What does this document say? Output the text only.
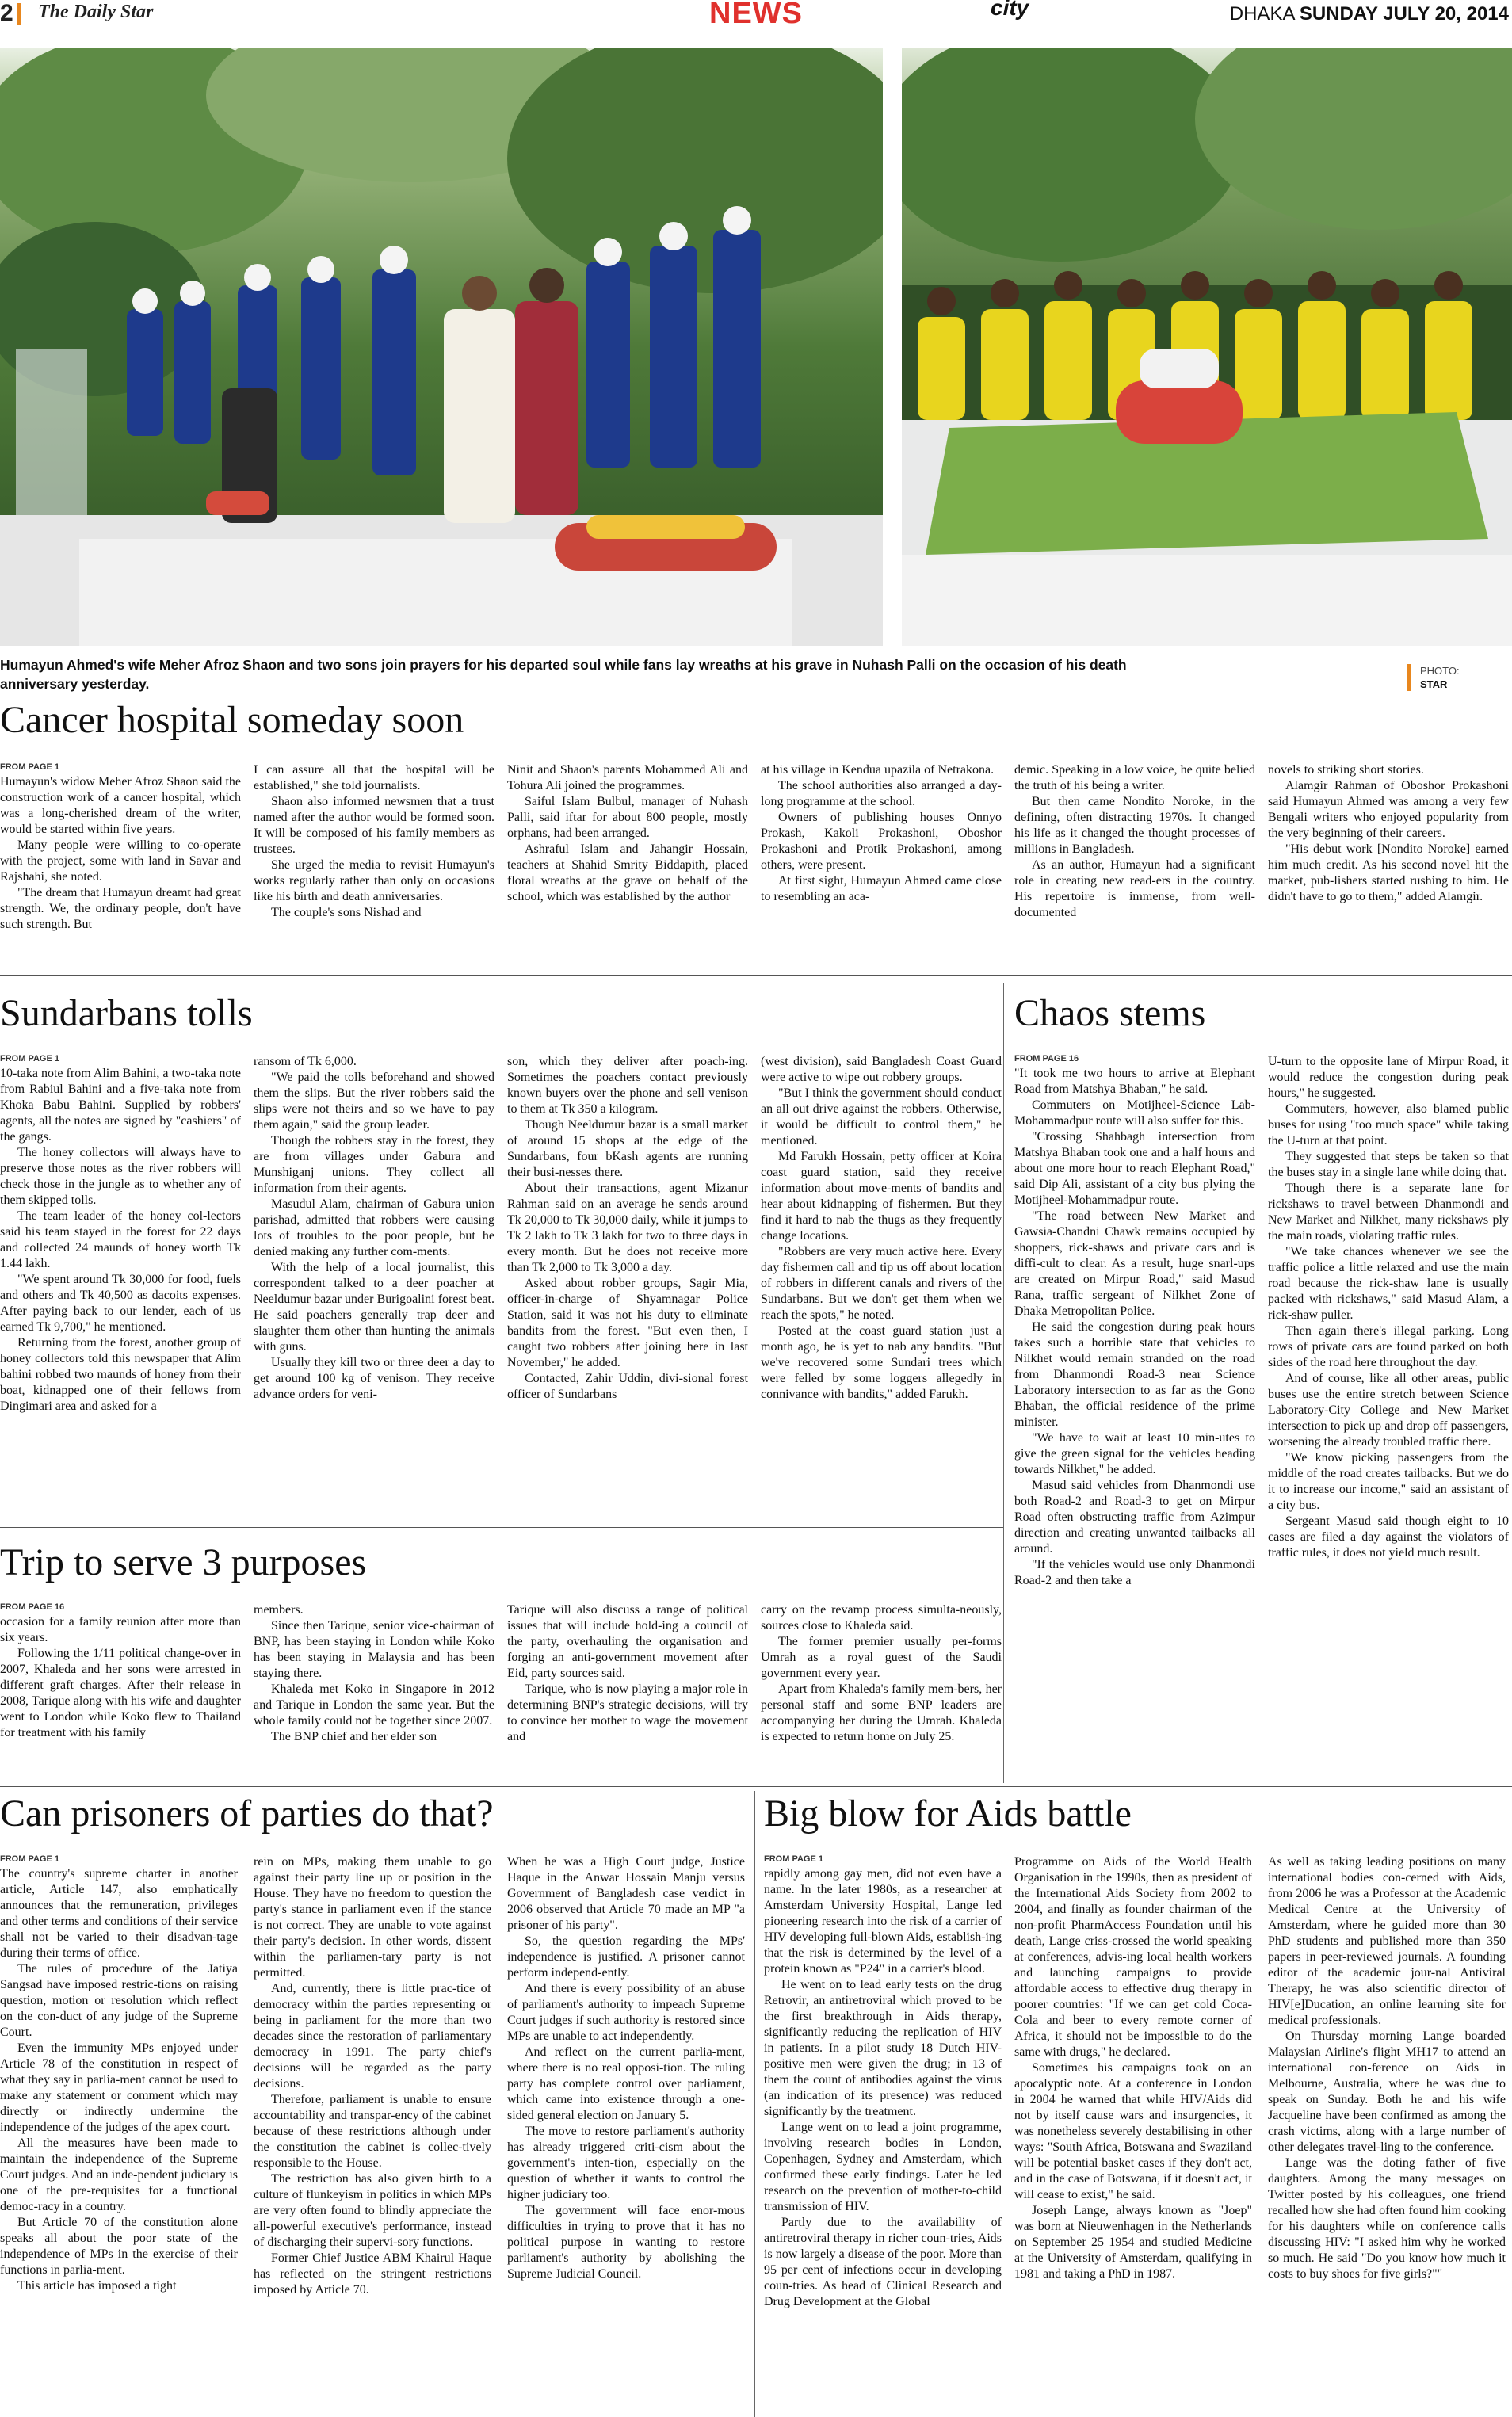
2 The Daily Star	NEWS	city	DHAKA SUNDAY JULY 20, 2014
Humayun Ahmed's wife Meher Afroz Shaon and two sons join prayers for his departed soul while fans lay wreaths at his grave in Nuhash Palli on the occasion of his death anniversary yesterday.
PHOTO:
STAR
Cancer hospital someday soon
FROM PAGE 1

Humayun's widow Meher Afroz Shaon said the construction work of a cancer hospital, which was a long-cherished dream of the writer, would be started within five years.

Many people were willing to co-operate with the project, some with land in Savar and Rajshahi, she noted.

"The dream that Humayun dreamt had great strength. We, the ordinary people, don't have such strength. But

I can assure all that the hospital will be established," she told journalists.

Shaon also informed newsmen that a trust named after the author would be formed soon. It will be composed of his family members as trustees.

She urged the media to revisit Humayun's works regularly rather than only on occasions like his birth and death anniversaries.

The couple's sons Nishad and

Ninit and Shaon's parents Mohammed Ali and Tohura Ali joined the programmes.

Saiful Islam Bulbul, manager of Nuhash Palli, said iftar for about 800 people, mostly orphans, had been arranged.

Ashraful Islam and Jahangir Hossain, teachers at Shahid Smrity Biddapith, placed floral wreaths at the grave on behalf of the school, which was established by the author

at his village in Kendua upazila of Netrakona.

The school authorities also arranged a day-long programme at the school.

Owners of publishing houses Onnyo Prokash, Kakoli Prokashoni, Oboshor Prokashoni and Protik Prokashoni, among others, were present.

At first sight, Humayun Ahmed came close to resembling an aca-

demic. Speaking in a low voice, he quite belied the truth of his being a writer.

But then came Nondito Noroke, in the defining, often distracting 1970s. It changed his life as it changed the thought processes of millions in Bangladesh.

As an author, Humayun had a significant role in creating new read-ers in the country. His repertoire is immense, from well-documented

novels to striking short stories.

Alamgir Rahman of Oboshor Prokashoni said Humayun Ahmed was among a very few Bengali writers who enjoyed popularity from the very beginning of their careers.

"His debut work [Nondito Noroke] earned him much credit. As his second novel hit the market, pub-lishers started rushing to him. He didn't have to go to them," added Alamgir.

Sundarbans tolls
FROM PAGE 1

10-taka note from Alim Bahini, a two-taka note from Rabiul Bahini and a five-taka note from Khoka Babu Bahini. Supplied by robbers' agents, all the notes are signed by "cashiers" of the gangs.

The honey collectors will always have to preserve those notes as the river robbers will check those in the jungle as to whether any of them skipped tolls.

The team leader of the honey col-lectors said his team stayed in the forest for 22 days and collected 24 maunds of honey worth Tk 1.44 lakh.

"We spent around Tk 30,000 for food, fuels and others and Tk 40,500 as dacoits expenses. After paying back to our lender, each of us earned Tk 9,700," he mentioned.

Returning from the forest, another group of honey collectors told this newspaper that Alim bahini robbed two maunds of honey from their boat, kidnapped one of their fellows from Dingimari area and asked for a

ransom of Tk 6,000.

"We paid the tolls beforehand and showed them the slips. But the river robbers said the slips were not theirs and so we have to pay them again," said the group leader.

Though the robbers stay in the forest, they are from villages under Gabura and Munshiganj unions. They collect all information from their agents.

Masudul Alam, chairman of Gabura union parishad, admitted that robbers were causing lots of troubles to the poor people, but he denied making any further com-ments.

With the help of a local journalist, this correspondent talked to a deer poacher at Neeldumur bazar under Burigoalini forest beat. He said poachers generally trap deer and slaughter them other than hunting the animals with guns.

Usually they kill two or three deer a day to get around 100 kg of venison. They receive advance orders for veni-

son, which they deliver after poach-ing. Sometimes the poachers contact previously known buyers over the phone and sell venison to them at Tk 350 a kilogram.

Though Neeldumur bazar is a small market of around 15 shops at the edge of the Sundarbans, four bKash agents are running their busi-nesses there.

About their transactions, agent Mizanur Rahman said on an average he sends around Tk 20,000 to Tk 30,000 daily, while it jumps to Tk 2 lakh to Tk 3 lakh for two to three days in every month. But he does not receive more than Tk 2,000 to Tk 3,000 a day.

Asked about robber groups, Sagir Mia, officer-in-charge of Shyamnagar Police Station, said it was not his duty to eliminate bandits from the forest. "But even then, I caught two robbers after joining here in last November," he added.

Contacted, Zahir Uddin, divi-sional forest officer of Sundarbans

(west division), said Bangladesh Coast Guard were active to wipe out robbery groups.

"But I think the government should conduct an all out drive against the robbers. Otherwise, it would be difficult to control them," he mentioned.

Md Farukh Hossain, petty officer at Koira coast guard station, said they receive information about move-ments of bandits and hear about kidnapping of fishermen. But they find it hard to nab the thugs as they frequently change locations.

"Robbers are very much active here. Every day fishermen call and tip us off about location of robbers in different canals and rivers of the Sundarbans. But we don't get them when we reach the spots," he noted.

Posted at the coast guard station just a month ago, he is yet to nab any bandits. "But we've recovered some Sundari trees which were felled by some loggers allegedly in connivance with bandits," added Farukh.

Chaos stems
FROM PAGE 16

"It took me two hours to arrive at Elephant Road from Matshya Bhaban," he said.

Commuters on Motijheel-Science Lab-Mohammadpur route will also suffer for this.

"Crossing Shahbagh intersection from Matshya Bhaban took one and a half hours and about one more hour to reach Elephant Road," said Dip Ali, assistant of a city bus plying the Motijheel-Mohammadpur route.

"The road between New Market and Gawsia-Chandni Chawk remains occupied by shoppers, rick-shaws and private cars and is diffi-cult to clear. As a result, huge snarl-ups are created on Mirpur Road," said Masud Rana, traffic sergeant of Nilkhet Zone of Dhaka Metropolitan Police.

He said the congestion during peak hours takes such a horrible state that vehicles to Nilkhet would remain stranded on the road from Dhanmondi Road-3 near Science Laboratory intersection to as far as the Gono Bhaban, the official residence of the prime minister.

"We have to wait at least 10 min-utes to give the green signal for the vehicles heading towards Nilkhet," he added.

Masud said vehicles from Dhanmondi use both Road-2 and Road-3 to get on Mirpur Road often obstructing traffic from Azimpur direction and creating unwanted tailbacks all around.

"If the vehicles would use only Dhanmondi Road-2 and then take a

U-turn to the opposite lane of Mirpur Road, it would reduce the congestion during peak hours," he suggested.

Commuters, however, also blamed public buses for using "too much space" while taking the U-turn at that point.

They suggested that steps be taken so that the buses stay in a single lane while doing that.

Though there is a separate lane for rickshaws to travel between Dhanmondi and New Market and Nilkhet, many rickshaws ply the main roads, violating traffic rules.

"We take chances whenever we see the traffic police a little relaxed and use the main road because the rick-shaw lane is usually packed with rickshaws," said Masud Alam, a rick-shaw puller.

Then again there's illegal parking. Long rows of private cars are found parked on both sides of the road here throughout the day.

And of course, like all other areas, public buses use the entire stretch between Science Laboratory-City College and New Market intersection to pick up and drop off passengers, worsening the already troubled traffic there.

"We know picking passengers from the middle of the road creates tailbacks. But we do it to increase our income," said an assistant of a city bus.

Sergeant Masud said though eight to 10 cases are filed a day against the violators of traffic rules, it does not yield much result.

Trip to serve 3 purposes
FROM PAGE 16

occasion for a family reunion after more than six years.

Following the 1/11 political change-over in 2007, Khaleda and her sons were arrested in different graft charges. After their release in 2008, Tarique along with his wife and daughter went to London while Koko flew to Thailand for treatment with his family

members.

Since then Tarique, senior vice-chairman of BNP, has been staying in London while Koko has been staying in Malaysia and has been staying there.

Khaleda met Koko in Singapore in 2012 and Tarique in London the same year. But the whole family could not be together since 2007.

The BNP chief and her elder son

Tarique will also discuss a range of political issues that will include hold-ing a council of the party, overhauling the organisation and forging an anti-government movement after Eid, party sources said.

Tarique, who is now playing a major role in determining BNP's strategic decisions, will try to convince her mother to wage the movement and

carry on the revamp process simulta-neously, sources close to Khaleda said.

The former premier usually per-forms Umrah as a royal guest of the Saudi government every year.

Apart from Khaleda's family mem-bers, her personal staff and some BNP leaders are accompanying her during the Umrah. Khaleda is expected to return home on July 25.

Can prisoners of parties do that?
FROM PAGE 1

The country's supreme charter in another article, Article 147, also emphatically announces that the remuneration, privileges and other terms and conditions of their service shall not be varied to their disadvan-tage during their terms of office.

The rules of procedure of the Jatiya Sangsad have imposed restric-tions on raising question, motion or resolution which reflect on the con-duct of any judge of the Supreme Court.

Even the immunity MPs enjoyed under Article 78 of the constitution in respect of what they say in parlia-ment cannot be used to make any statement or comment which may directly or indirectly undermine the independence of the judges of the apex court.

All the measures have been made to maintain the independence of the Supreme Court judges. And an inde-pendent judiciary is one of the pre-requisites for a functional democ-racy in a country.

But Article 70 of the constitution alone speaks all about the poor state of the independence of MPs in the exercise of their functions in parlia-ment.

This article has imposed a tight

rein on MPs, making them unable to go against their party line up or position in the House. They have no freedom to question the party's stance in parliament even if the stance is not correct. They are unable to vote against their party's decision. In other words, dissent within the parliamen-tary party is not permitted.

And, currently, there is little prac-tice of democracy within the parties representing or being in parliament for the more than two decades since the restoration of parliamentary democracy in 1991. The party chief's decisions will be regarded as the party decisions.

Therefore, parliament is unable to ensure accountability and transpar-ency of the cabinet because of these restrictions although under the constitution the cabinet is collec-tively responsible to the House.

The restriction has also given birth to a culture of flunkeyism in politics in which MPs are very often found to blindly appreciate the all-powerful executive's performance, instead of discharging their supervi-sory functions.

Former Chief Justice ABM Khairul Haque has reflected on the stringent restrictions imposed by Article 70.

When he was a High Court judge, Justice Haque in the Anwar Hossain Manju versus Government of Bangladesh case verdict in 2006 observed that Article 70 made an MP "a prisoner of his party".

So, the question regarding the MPs' independence is justified. A prisoner cannot perform independ-ently.

And there is every possibility of an abuse of parliament's authority to impeach Supreme Court judges if such authority is restored since MPs are unable to act independently.

And reflect on the current parlia-ment, where there is no real opposi-tion. The ruling party has complete control over parliament, which came into existence through a one-sided general election on January 5.

The move to restore parliament's authority has already triggered criti-cism about the government's inten-tion, especially on the question of whether it wants to control the higher judiciary too.

The government will face enor-mous difficulties in trying to prove that it has no political purpose in wanting to restore parliament's authority by abolishing the Supreme Judicial Council.

Big blow for Aids battle
FROM PAGE 1

rapidly among gay men, did not even have a name. In the later 1980s, as a researcher at Amsterdam University Hospital, Lange led pioneering research into the risk of a carrier of HIV developing full-blown Aids, establish-ing that the risk is determined by the level of a protein known as "P24" in a carrier's blood.

He went on to lead early tests on the drug Retrovir, an antiretroviral which proved to be the first breakthrough in Aids therapy, significantly reducing the replication of HIV in patients. In a pilot study 18 Dutch HIV-positive men were given the drug; in 13 of them the count of antibodies against the virus (an indication of its presence) was reduced significantly by the treatment.

Lange went on to lead a joint programme, involving research bodies in London, Copenhagen, Sydney and Amsterdam, which confirmed these early findings. Later he led research on the prevention of mother-to-child transmission of HIV.

Partly due to the availability of antiretroviral therapy in richer coun-tries, Aids is now largely a disease of the poor. More than 95 per cent of infections occur in developing coun-tries. As head of Clinical Research and Drug Development at the Global

Programme on Aids of the World Health Organisation in the 1990s, then as president of the International Aids Society from 2002 to 2004, and finally as founder chairman of the non-profit PharmAccess Foundation until his death, Lange criss-crossed the world speaking at conferences, advis-ing local health workers and launching campaigns to provide affordable access to effective drug therapy in poorer countries: "If we can get cold Coca-Cola and beer to every remote corner of Africa, it should not be impossible to do the same with drugs," he declared.

Sometimes his campaigns took on an apocalyptic note. At a conference in London in 2004 he warned that while HIV/Aids did not by itself cause wars and insurgencies, it was nonetheless severely destabilising in other ways: "South Africa, Botswana and Swaziland will be potential basket cases if they don't act, and in the case of Botswana, if it doesn't act, it will cease to exist," he said.

Joseph Lange, always known as "Joep" was born at Nieuwenhagen in the Netherlands on September 25 1954 and studied Medicine at the University of Amsterdam, qualifying in 1981 and taking a PhD in 1987.

As well as taking leading positions on many international bodies con-cerned with Aids, from 2006 he was a Professor at the Academic Medical Centre at the University of Amsterdam, where he guided more than 30 PhD students and published more than 350 papers in peer-reviewed journals. A founding editor of the academic jour-nal Antiviral Therapy, he was also scientific director of HIV[e]Ducation, an online learning site for medical professionals.

On Thursday morning Lange boarded Malaysian Airline's flight MH17 to attend an international con-ference on Aids in Melbourne, Australia, where he was due to speak on Sunday. Both he and his wife Jacqueline have been confirmed as among the crash victims, along with a large number of other delegates travel-ling to the conference.

Lange was the doting father of five daughters. Among the many messages on Twitter posted by his colleagues, one friend recalled how she had often found him cooking for his daughters while on conference calls discussing HIV: "I asked him why he worked so much. He said "Do you know how much it costs to buy shoes for five girls?""
